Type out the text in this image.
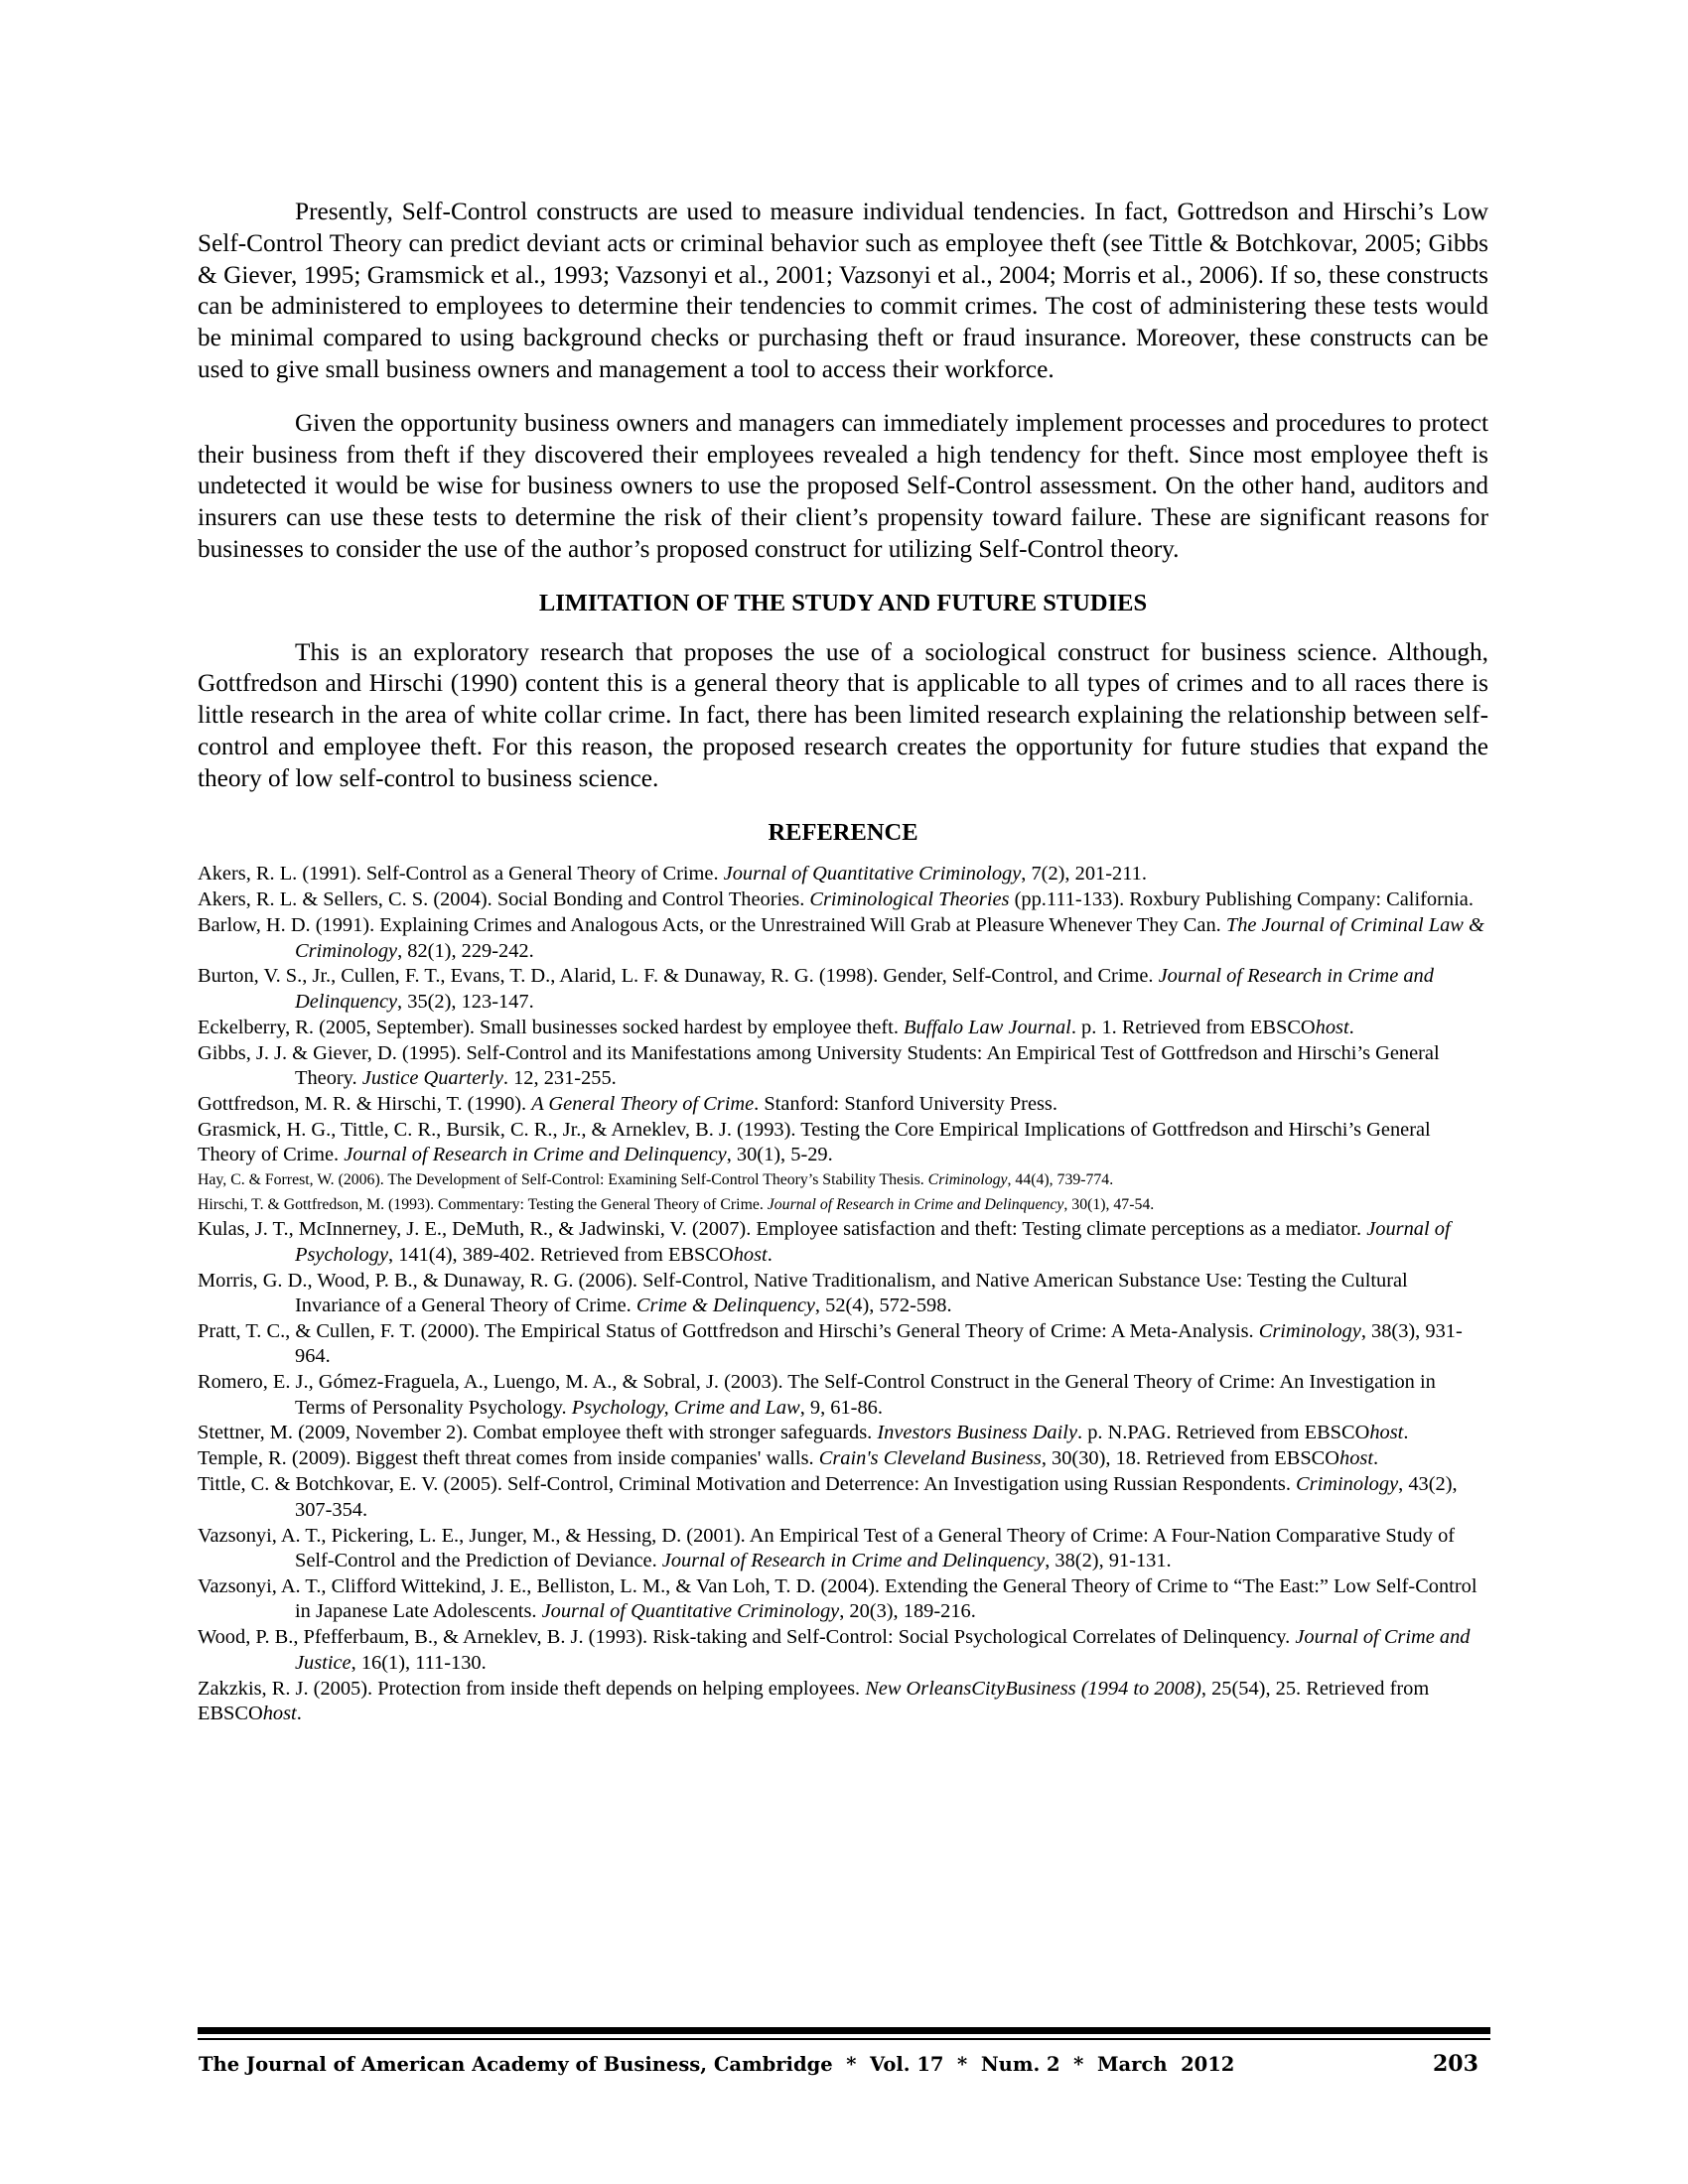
Presently, Self-Control constructs are used to measure individual tendencies. In fact, Gottredson and Hirschi’s Low Self-Control Theory can predict deviant acts or criminal behavior such as employee theft (see Tittle & Botchkovar, 2005; Gibbs & Giever, 1995; Gramsmick et al., 1993; Vazsonyi et al., 2001; Vazsonyi et al., 2004; Morris et al., 2006). If so, these constructs can be administered to employees to determine their tendencies to commit crimes. The cost of administering these tests would be minimal compared to using background checks or purchasing theft or fraud insurance. Moreover, these constructs can be used to give small business owners and management a tool to access their workforce.

Given the opportunity business owners and managers can immediately implement processes and procedures to protect their business from theft if they discovered their employees revealed a high tendency for theft. Since most employee theft is undetected it would be wise for business owners to use the proposed Self-Control assessment. On the other hand, auditors and insurers can use these tests to determine the risk of their client’s propensity toward failure. These are significant reasons for businesses to consider the use of the author’s proposed construct for utilizing Self-Control theory.

LIMITATION OF THE STUDY AND FUTURE STUDIES

This is an exploratory research that proposes the use of a sociological construct for business science. Although, Gottfredson and Hirschi (1990) content this is a general theory that is applicable to all types of crimes and to all races there is little research in the area of white collar crime. In fact, there has been limited research explaining the relationship between self-control and employee theft. For this reason, the proposed research creates the opportunity for future studies that expand the theory of low self-control to business science.

REFERENCE
Akers, R. L. (1991). Self-Control as a General Theory of Crime. Journal of Quantitative Criminology, 7(2), 201-211.
Akers, R. L. & Sellers, C. S. (2004). Social Bonding and Control Theories. Criminological Theories (pp.111-133). Roxbury Publishing Company: California.
Barlow, H. D. (1991). Explaining Crimes and Analogous Acts, or the Unrestrained Will Grab at Pleasure Whenever They Can. The Journal of Criminal Law & Criminology, 82(1), 229-242.
Burton, V. S., Jr., Cullen, F. T., Evans, T. D., Alarid, L. F. & Dunaway, R. G. (1998). Gender, Self-Control, and Crime. Journal of Research in Crime and Delinquency, 35(2), 123-147.
Eckelberry, R. (2005, September). Small businesses socked hardest by employee theft. Buffalo Law Journal. p. 1. Retrieved from EBSCOhost.
Gibbs, J. J. & Giever, D. (1995). Self-Control and its Manifestations among University Students: An Empirical Test of Gottfredson and Hirschi’s General Theory. Justice Quarterly. 12, 231-255.
Gottfredson, M. R. & Hirschi, T. (1990). A General Theory of Crime. Stanford: Stanford University Press.
Grasmick, H. G., Tittle, C. R., Bursik, C. R., Jr., & Arneklev, B. J. (1993). Testing the Core Empirical Implications of Gottfredson and Hirschi’s General Theory of Crime. Journal of Research in Crime and Delinquency, 30(1), 5-29.
Hay, C. & Forrest, W. (2006). The Development of Self-Control: Examining Self-Control Theory’s Stability Thesis. Criminology, 44(4), 739-774.
Hirschi, T. & Gottfredson, M. (1993). Commentary: Testing the General Theory of Crime. Journal of Research in Crime and Delinquency, 30(1), 47-54.
Kulas, J. T., McInnerney, J. E., DeMuth, R., & Jadwinski, V. (2007). Employee satisfaction and theft: Testing climate perceptions as a mediator. Journal of Psychology, 141(4), 389-402. Retrieved from EBSCOhost.
Morris, G. D., Wood, P. B., & Dunaway, R. G. (2006). Self-Control, Native Traditionalism, and Native American Substance Use: Testing the Cultural Invariance of a General Theory of Crime. Crime & Delinquency, 52(4), 572-598.
Pratt, T. C., & Cullen, F. T. (2000). The Empirical Status of Gottfredson and Hirschi’s General Theory of Crime: A Meta-Analysis. Criminology, 38(3), 931-964.
Romero, E. J., Gómez-Fraguela, A., Luengo, M. A., & Sobral, J. (2003). The Self-Control Construct in the General Theory of Crime: An Investigation in Terms of Personality Psychology. Psychology, Crime and Law, 9, 61-86.
Stettner, M. (2009, November 2). Combat employee theft with stronger safeguards. Investors Business Daily. p. N.PAG. Retrieved from EBSCOhost.
Temple, R. (2009). Biggest theft threat comes from inside companies' walls. Crain's Cleveland Business, 30(30), 18. Retrieved from EBSCOhost.
Tittle, C. & Botchkovar, E. V. (2005). Self-Control, Criminal Motivation and Deterrence: An Investigation using Russian Respondents. Criminology, 43(2), 307-354.
Vazsonyi, A. T., Pickering, L. E., Junger, M., & Hessing, D. (2001). An Empirical Test of a General Theory of Crime: A Four-Nation Comparative Study of Self-Control and the Prediction of Deviance. Journal of Research in Crime and Delinquency, 38(2), 91-131.
Vazsonyi, A. T., Clifford Wittekind, J. E., Belliston, L. M., & Van Loh, T. D. (2004). Extending the General Theory of Crime to “The East:” Low Self-Control in Japanese Late Adolescents. Journal of Quantitative Criminology, 20(3), 189-216.
Wood, P. B., Pfefferbaum, B., & Arneklev, B. J. (1993). Risk-taking and Self-Control: Social Psychological Correlates of Delinquency. Journal of Crime and Justice, 16(1), 111-130.
Zakzkis, R. J. (2005). Protection from inside theft depends on helping employees. New OrleansCityBusiness (1994 to 2008), 25(54), 25. Retrieved from EBSCOhost.
The Journal of American Academy of Business, Cambridge  *  Vol. 17  *  Num. 2  *  March  2012	203
